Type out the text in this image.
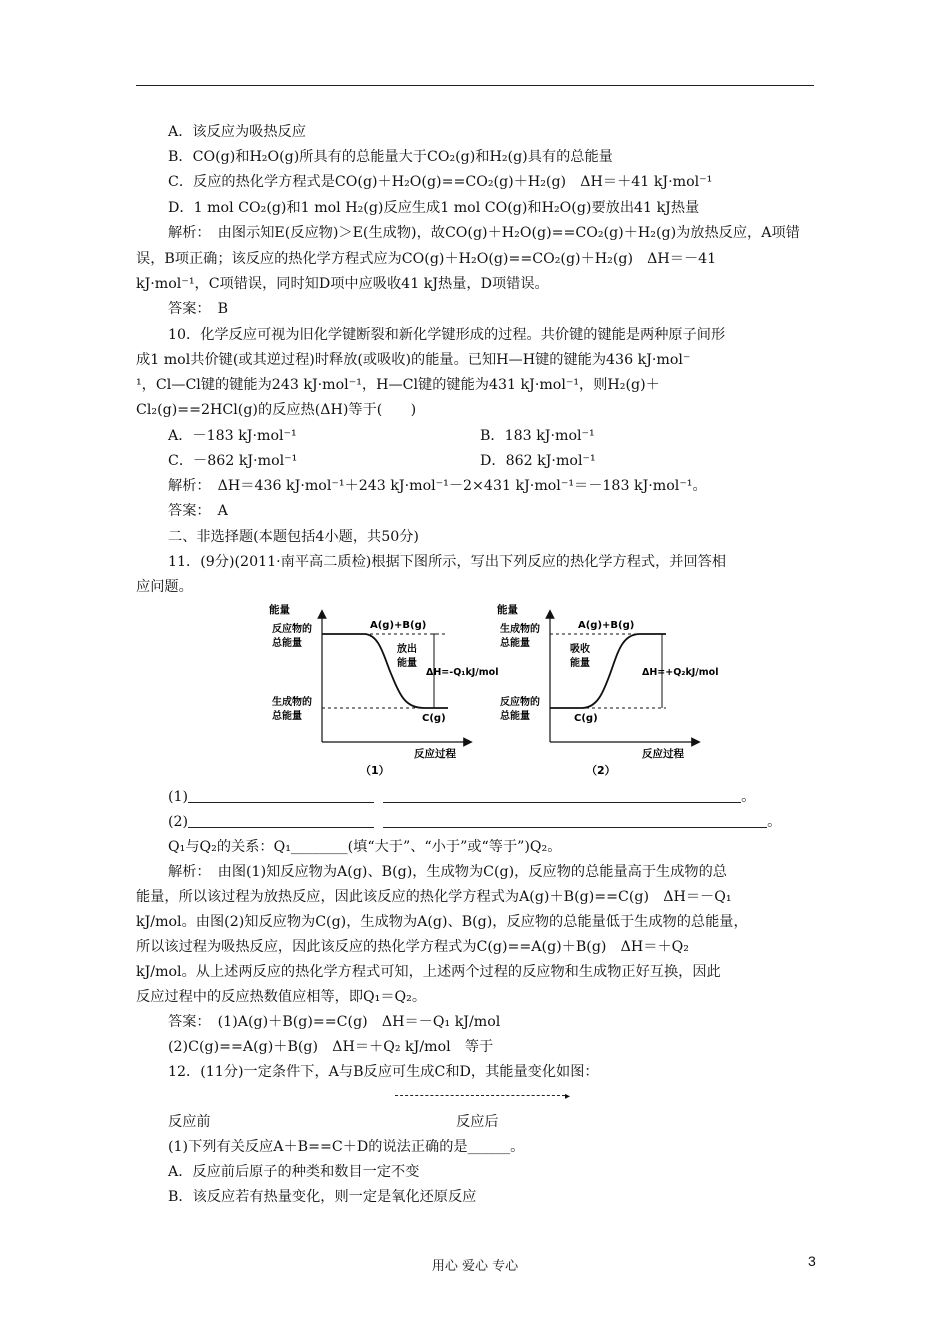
A．该反应为吸热反应
B．CO(g)和H₂O(g)所具有的总能量大于CO₂(g)和H₂(g)具有的总能量
C．反应的热化学方程式是CO(g)＋H₂O(g)==CO₂(g)＋H₂(g)　ΔH＝＋41 kJ·mol⁻¹
D．1 mol CO₂(g)和1 mol H₂(g)反应生成1 mol CO(g)和H₂O(g)要放出41 kJ热量
解析：　由图示知E(反应物)＞E(生成物)，故CO(g)＋H₂O(g)==CO₂(g)＋H₂(g)为放热反应，A项错
误，B项正确；该反应的热化学方程式应为CO(g)＋H₂O(g)==CO₂(g)＋H₂(g)　ΔH＝－41
kJ·mol⁻¹，C项错误，同时知D项中应吸收41 kJ热量，D项错误。
答案：　B
10．化学反应可视为旧化学键断裂和新化学键形成的过程。共价键的键能是两种原子间形
成1 mol共价键(或其逆过程)时释放(或吸收)的能量。已知H—H键的键能为436 kJ·mol⁻
¹，Cl—Cl键的键能为243 kJ·mol⁻¹，H—Cl键的键能为431 kJ·mol⁻¹，则H₂(g)＋
Cl₂(g)==2HCl(g)的反应热(ΔH)等于(　　)
A．－183 kJ·mol⁻¹	B．183 kJ·mol⁻¹
C．－862 kJ·mol⁻¹	D．862 kJ·mol⁻¹
解析：　ΔH＝436 kJ·mol⁻¹＋243 kJ·mol⁻¹－2×431 kJ·mol⁻¹＝－183 kJ·mol⁻¹。
答案：　A
二、非选择题(本题包括4小题，共50分)
11．(9分)(2011·南平高二质检)根据下图所示，写出下列反应的热化学方程式，并回答相
应问题。
能量
反应过程
反应物的
总能量
生成物的
总能量
A(g)+B(g)
C(g)
放出
能量
ΔH=-Q₁kJ/mol
（1）
能量
反应过程
生成物的
总能量
反应物的
总能量
A(g)+B(g)
C(g)
吸收
能量
ΔH=+Q₂kJ/mol
（2）
(1)	。
(2)	。
Q₁与Q₂的关系：Q₁________(填“大于”、“小于”或“等于”)Q₂。
解析：　由图(1)知反应物为A(g)、B(g)，生成物为C(g)，反应物的总能量高于生成物的总
能量，所以该过程为放热反应，因此该反应的热化学方程式为A(g)＋B(g)==C(g)　ΔH＝－Q₁
kJ/mol。由图(2)知反应物为C(g)，生成物为A(g)、B(g)，反应物的总能量低于生成物的总能量，
所以该过程为吸热反应，因此该反应的热化学方程式为C(g)==A(g)＋B(g)　ΔH＝＋Q₂
kJ/mol。从上述两反应的热化学方程式可知，上述两个过程的反应物和生成物正好互换，因此
反应过程中的反应热数值应相等，即Q₁＝Q₂。
答案：　(1)A(g)＋B(g)==C(g)　ΔH＝－Q₁ kJ/mol
(2)C(g)==A(g)＋B(g)　ΔH＝＋Q₂ kJ/mol　等于
12．(11分)一定条件下，A与B反应可生成C和D，其能量变化如图：
▸
反应前	反应后
(1)下列有关反应A＋B==C＋D的说法正确的是______。
A．反应前后原子的种类和数目一定不变
B．该反应若有热量变化，则一定是氧化还原反应
用心 爱心 专心	3
